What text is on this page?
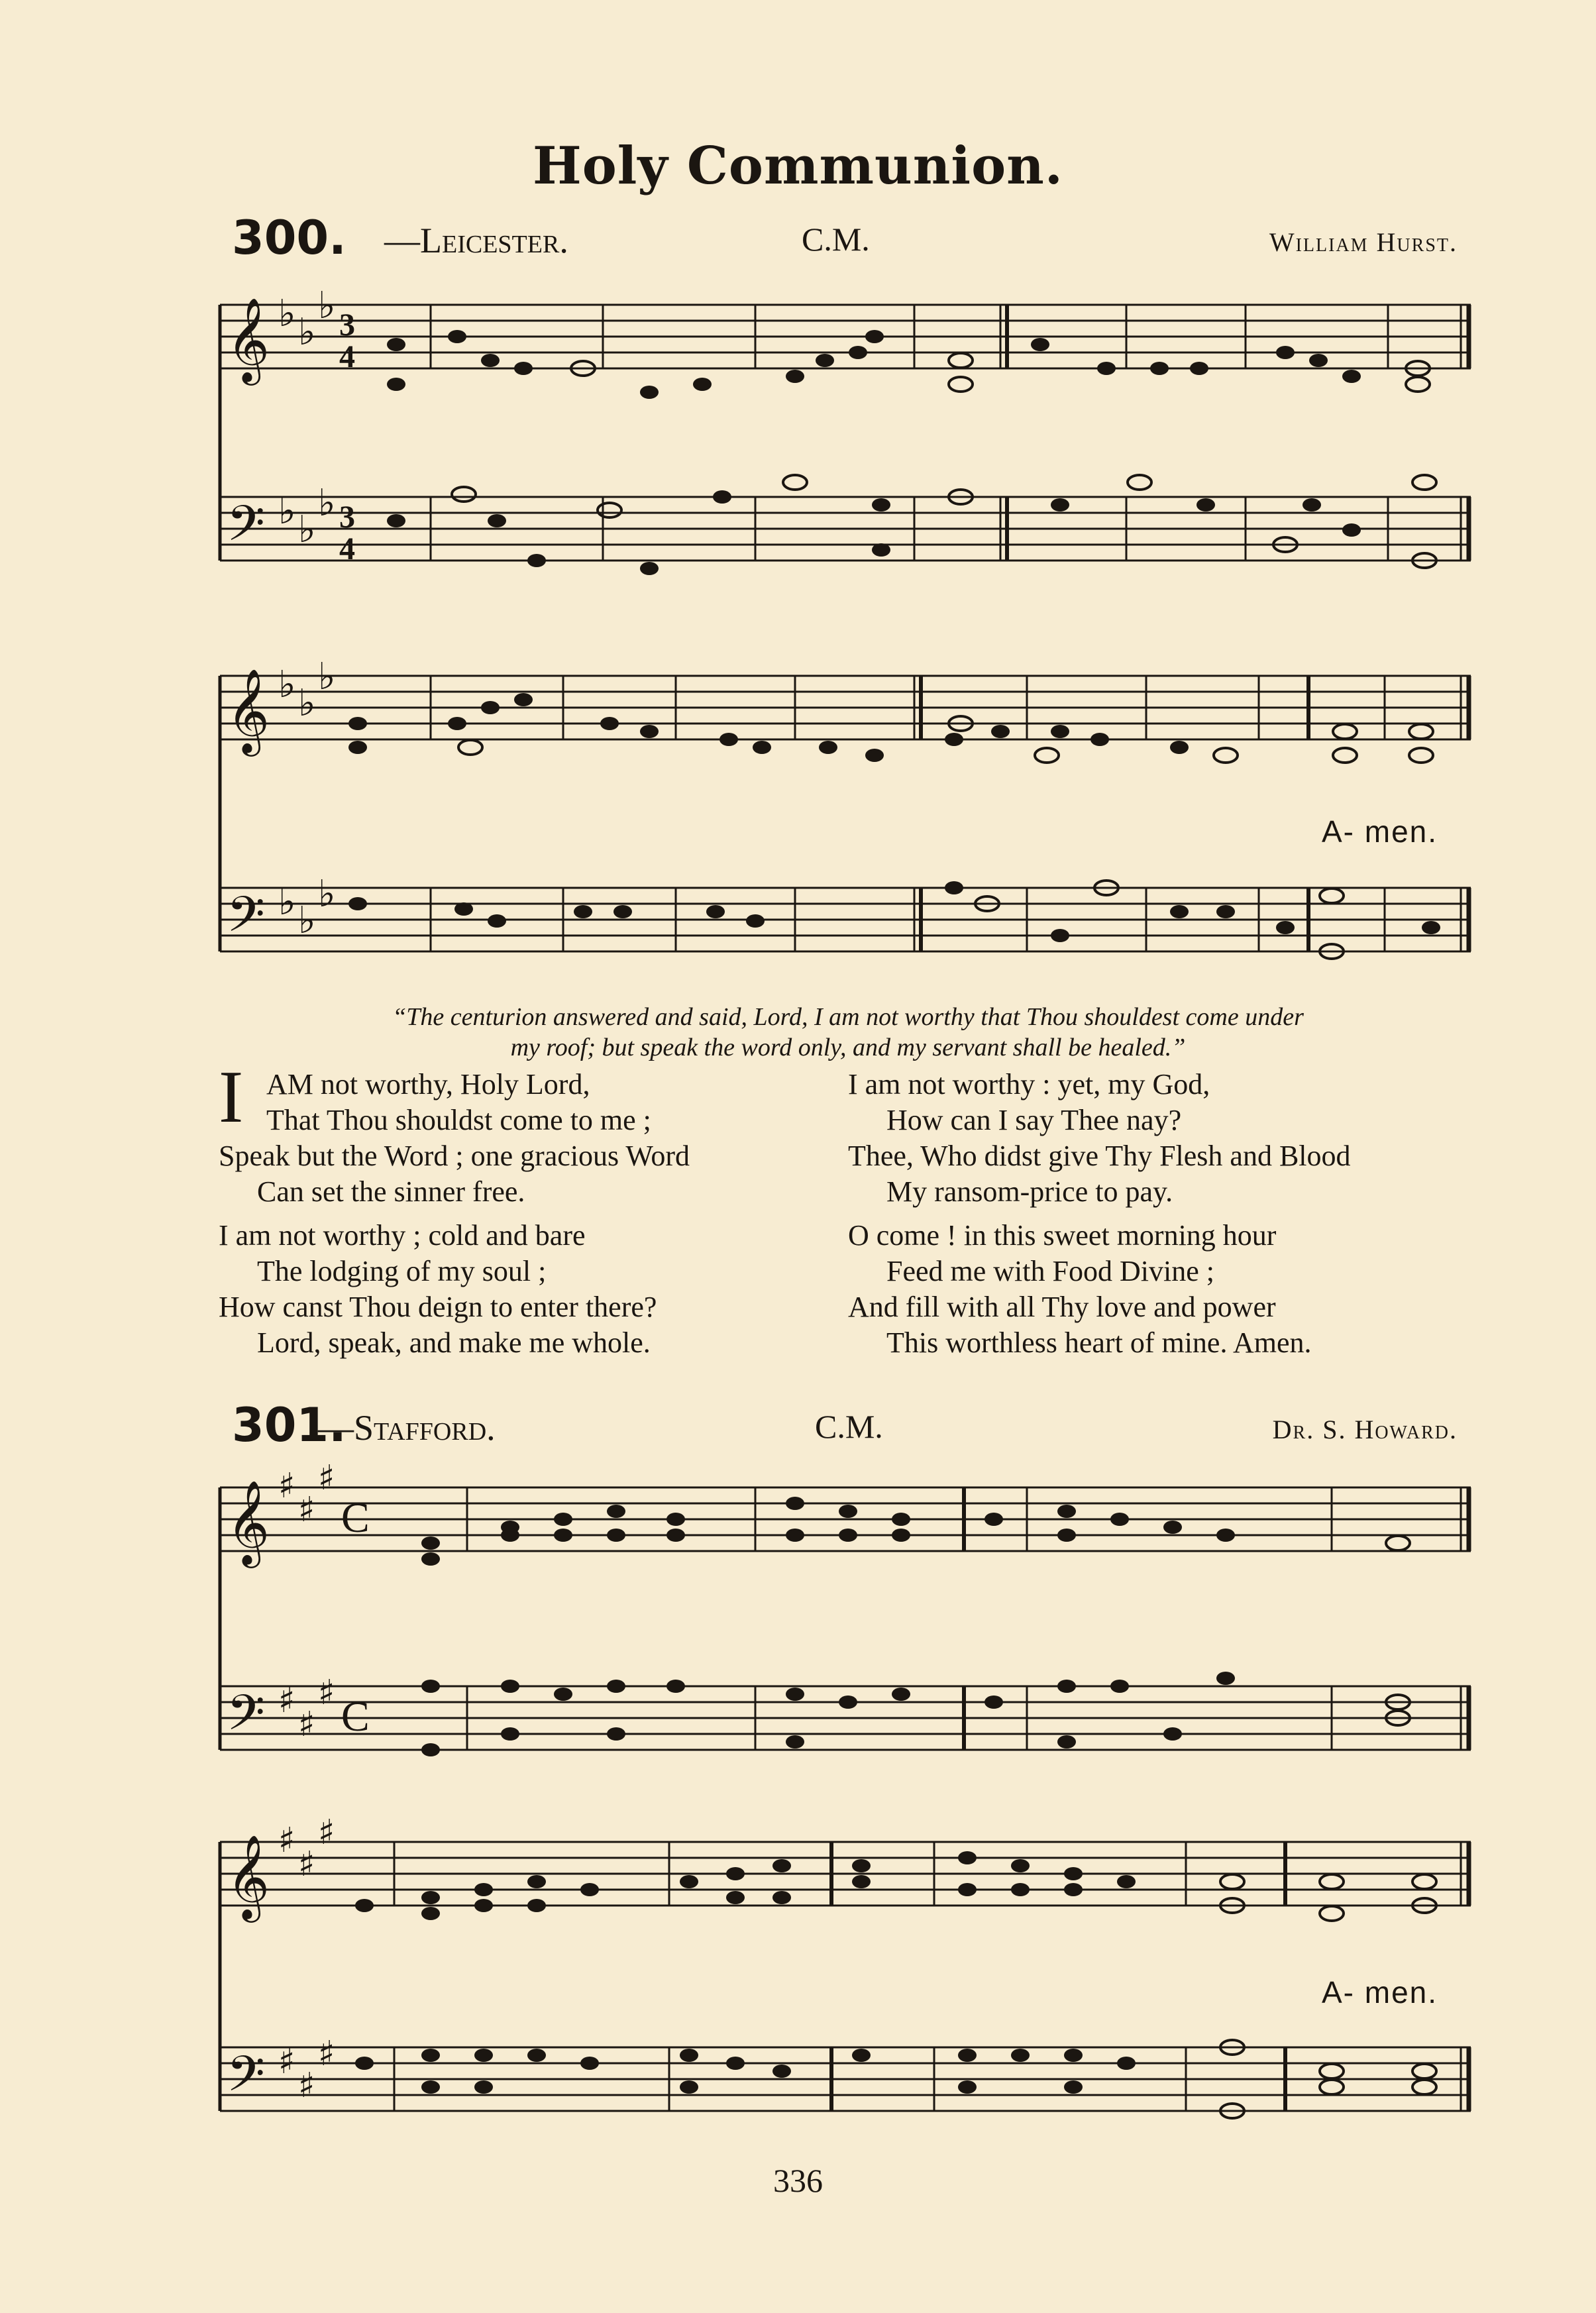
Holy Communion.
300. —Leicester.	C.M.	William Hurst.
𝄞
𝄢
♭ ♭
♭
♭ ♭
♭
3
4
3
4
𝄞
𝄢
♭ ♭
♭
♭ ♭
♭
A- men.
“The centurion answered and said, Lord, I am not worthy that Thou shouldest come under
my roof; but speak the word only, and my servant shall be healed.”
I AM not worthy, Holy Lord,
That Thou shouldst come to me ;
Speak but the Word ; one gracious Word
Can set the sinner free.
I am not worthy ; cold and bare
The lodging of my soul ;
How canst Thou deign to enter there?
Lord, speak, and make me whole.
I am not worthy : yet, my God,
How can I say Thee nay?
Thee, Who didst give Thy Flesh and Blood
My ransom-price to pay.
O come ! in this sweet morning hour
Feed me with Food Divine ;
And fill with all Thy love and power
This worthless heart of mine. Amen.
301.
—Stafford.	C.M.	Dr. S. Howard.
𝄞
𝄢
♯
♯
♯
♯
♯
♯
C
C
𝄞
𝄢
♯
♯
♯
♯
♯
♯
A- men.
336
